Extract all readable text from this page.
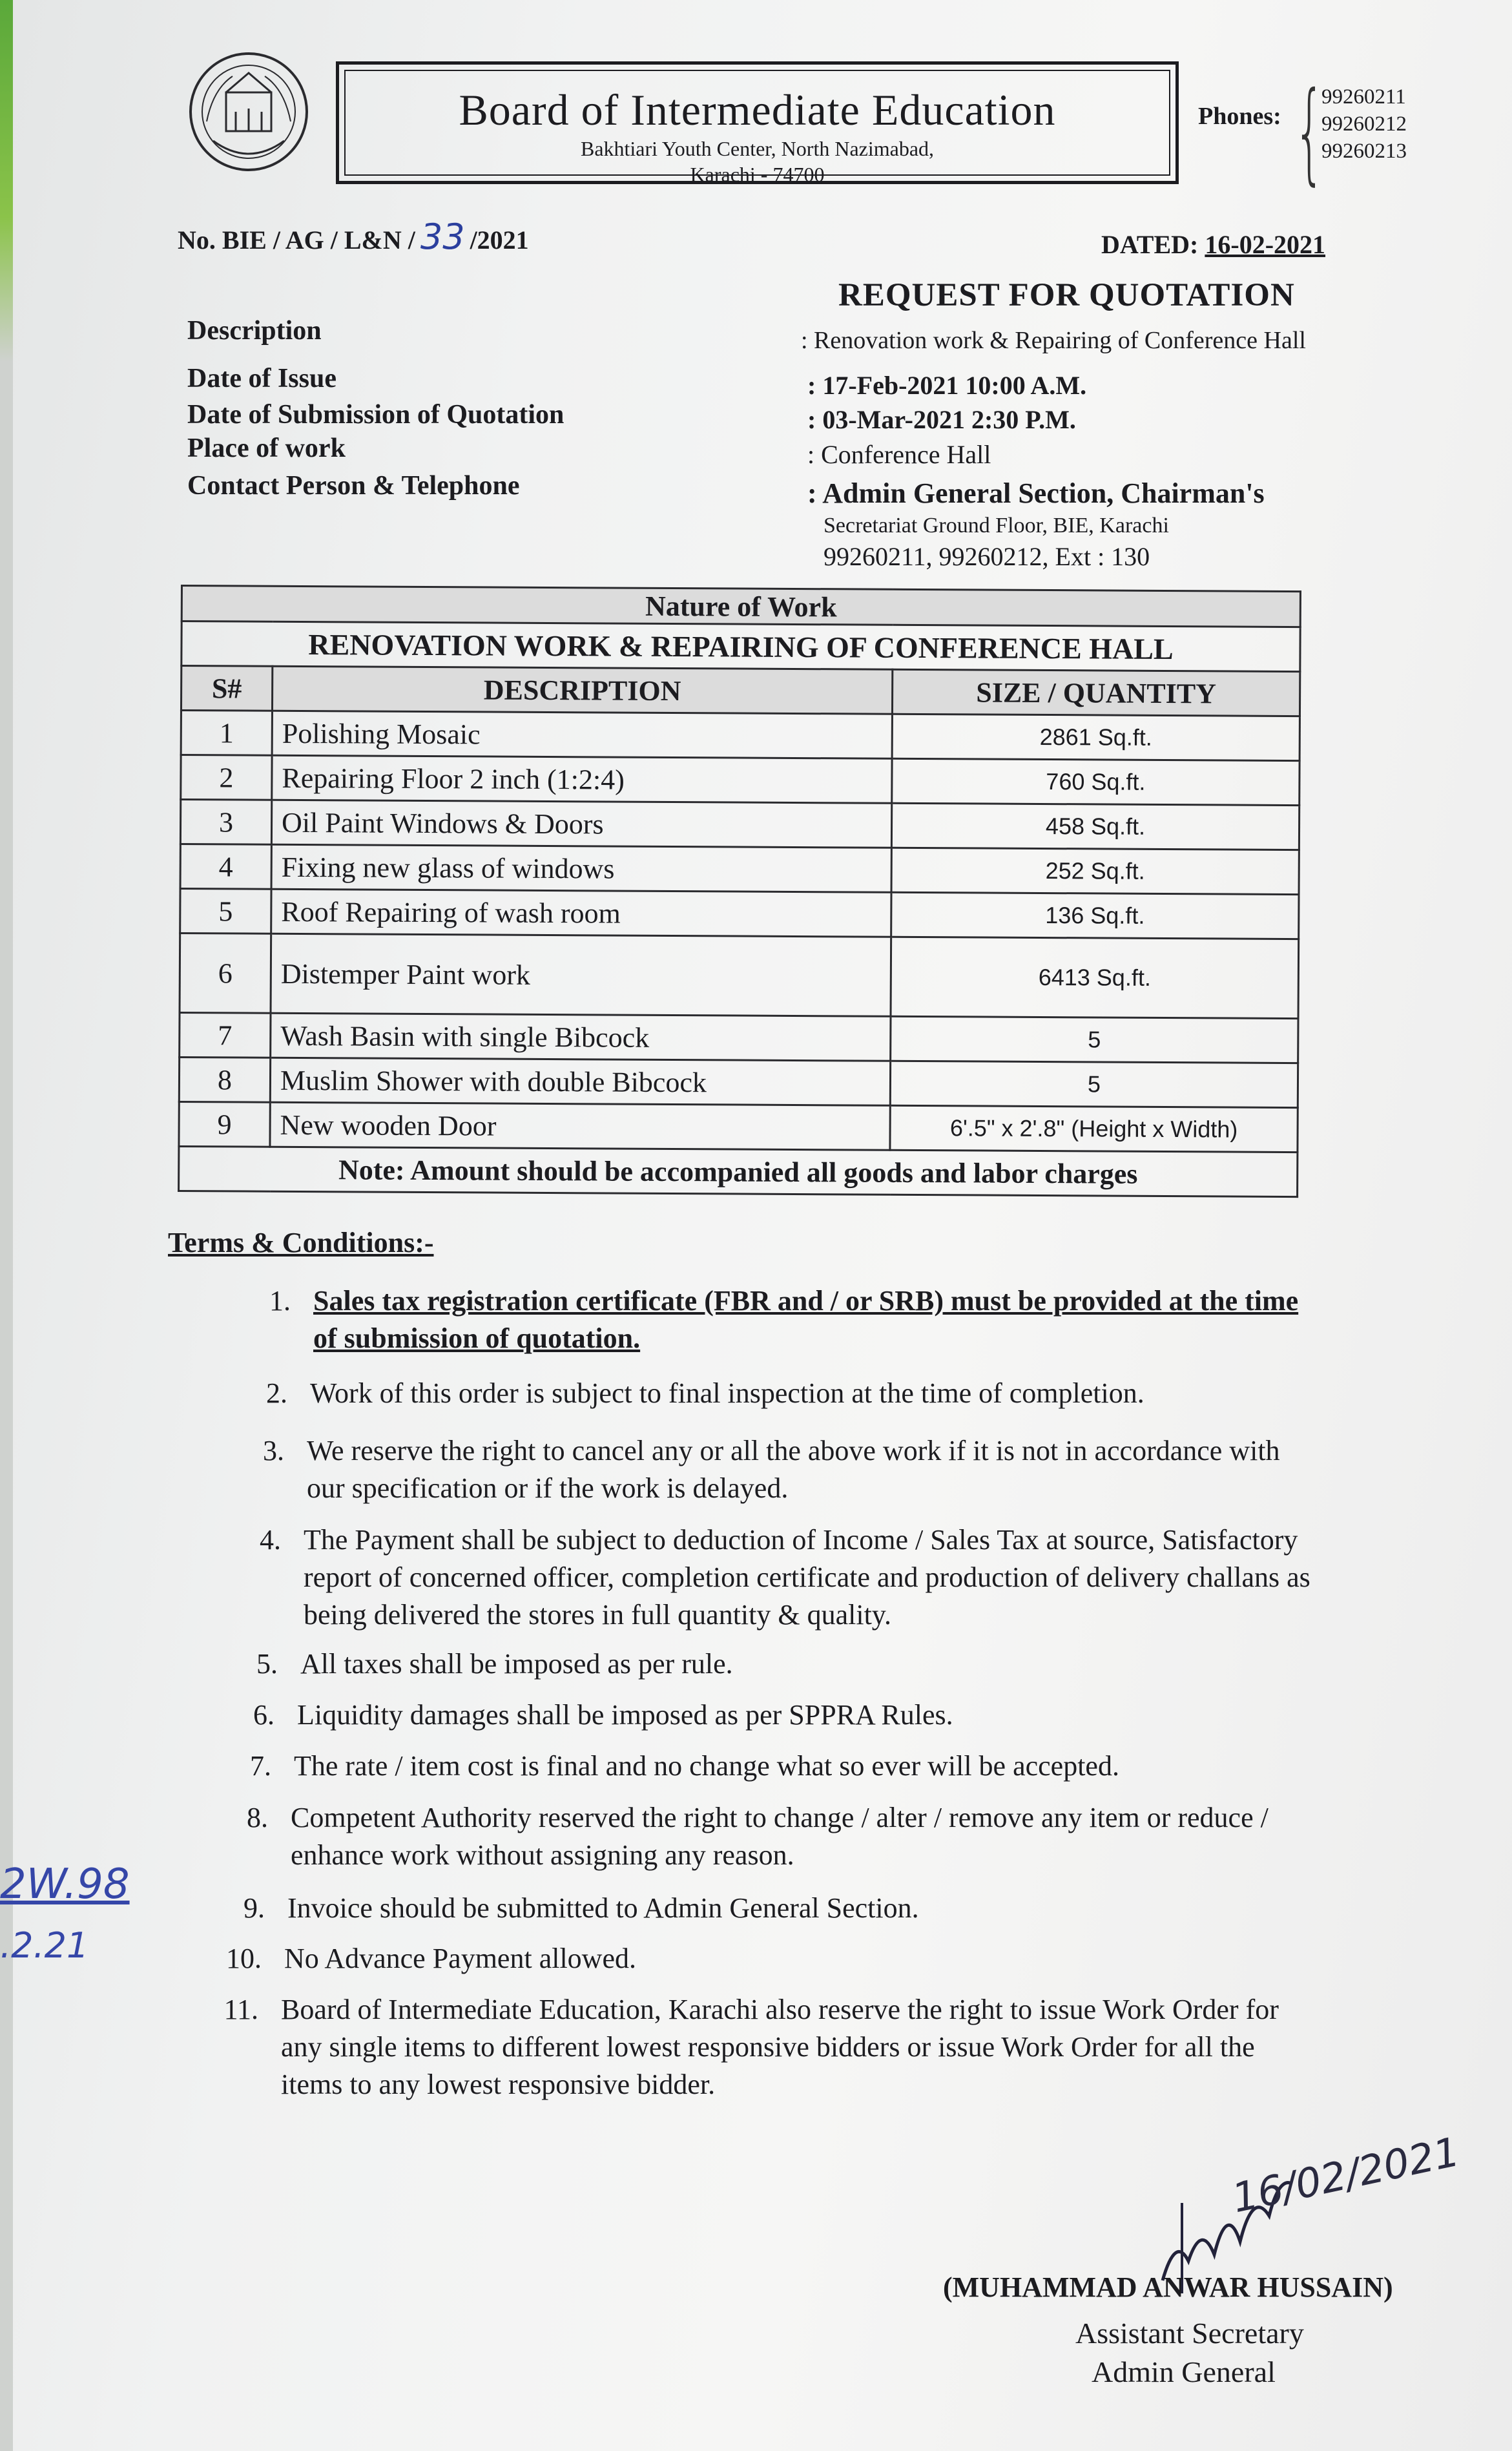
Board of Intermediate Education
Bakhtiari Youth Center, North Nazimabad,
Karachi - 74700
Phones: {
99260211
99260212
99260213
No. BIE / AG / L&N / 33 /2021	DATED: 16-02-2021
REQUEST FOR QUOTATION
Description	: Renovation work & Repairing of Conference Hall
Date of Issue	: 17-Feb-2021 10:00 A.M.
Date of Submission of Quotation	: 03-Mar-2021 2:30 P.M.
Place of work	: Conference Hall
Contact Person & Telephone	: Admin General Section, Chairman's
Secretariat Ground Floor, BIE, Karachi
99260211, 99260212, Ext : 130
Nature of Work		
RENOVATION WORK & REPAIRING OF CONFERENCE HALL		
S#	DESCRIPTION	SIZE / QUANTITY
1	Polishing Mosaic	2861 Sq.ft.
2	Repairing Floor 2 inch (1:2:4)	760 Sq.ft.
3	Oil Paint Windows & Doors	458 Sq.ft.
4	Fixing new glass of windows	252 Sq.ft.
5	Roof Repairing of wash room	136 Sq.ft.
6	Distemper Paint work	6413 Sq.ft.
7	Wash Basin with single Bibcock	5
8	Muslim Shower with double Bibcock	5
9	New wooden Door	6'.5" x 2'.8" (Height x Width)
Note: Amount should be accompanied all goods and labor charges		
Terms & Conditions:-
1. Sales tax registration certificate (FBR and / or SRB) must be provided at the time
of submission of quotation.
2. Work of this order is subject to final inspection at the time of completion.
3. We reserve the right to cancel any or all the above work if it is not in accordance with
our specification or if the work is delayed.
4. The Payment shall be subject to deduction of Income / Sales Tax at source, Satisfactory
report of concerned officer, completion certificate and production of delivery challans as
being delivered the stores in full quantity & quality.
5. All taxes shall be imposed as per rule.
6. Liquidity damages shall be imposed as per SPPRA Rules.
7. The rate / item cost is final and no change what so ever will be accepted.
8. Competent Authority reserved the right to change / alter / remove any item or reduce /
enhance work without assigning any reason.
9. Invoice should be submitted to Admin General Section.
10. No Advance Payment allowed.
11. Board of Intermediate Education, Karachi also reserve the right to issue Work Order for
any single items to different lowest responsive bidders or issue Work Order for all the
items to any lowest responsive bidder.
2W.98
.2.21
16/02/2021
(MUHAMMAD ANWAR HUSSAIN)
Assistant Secretary
Admin General
